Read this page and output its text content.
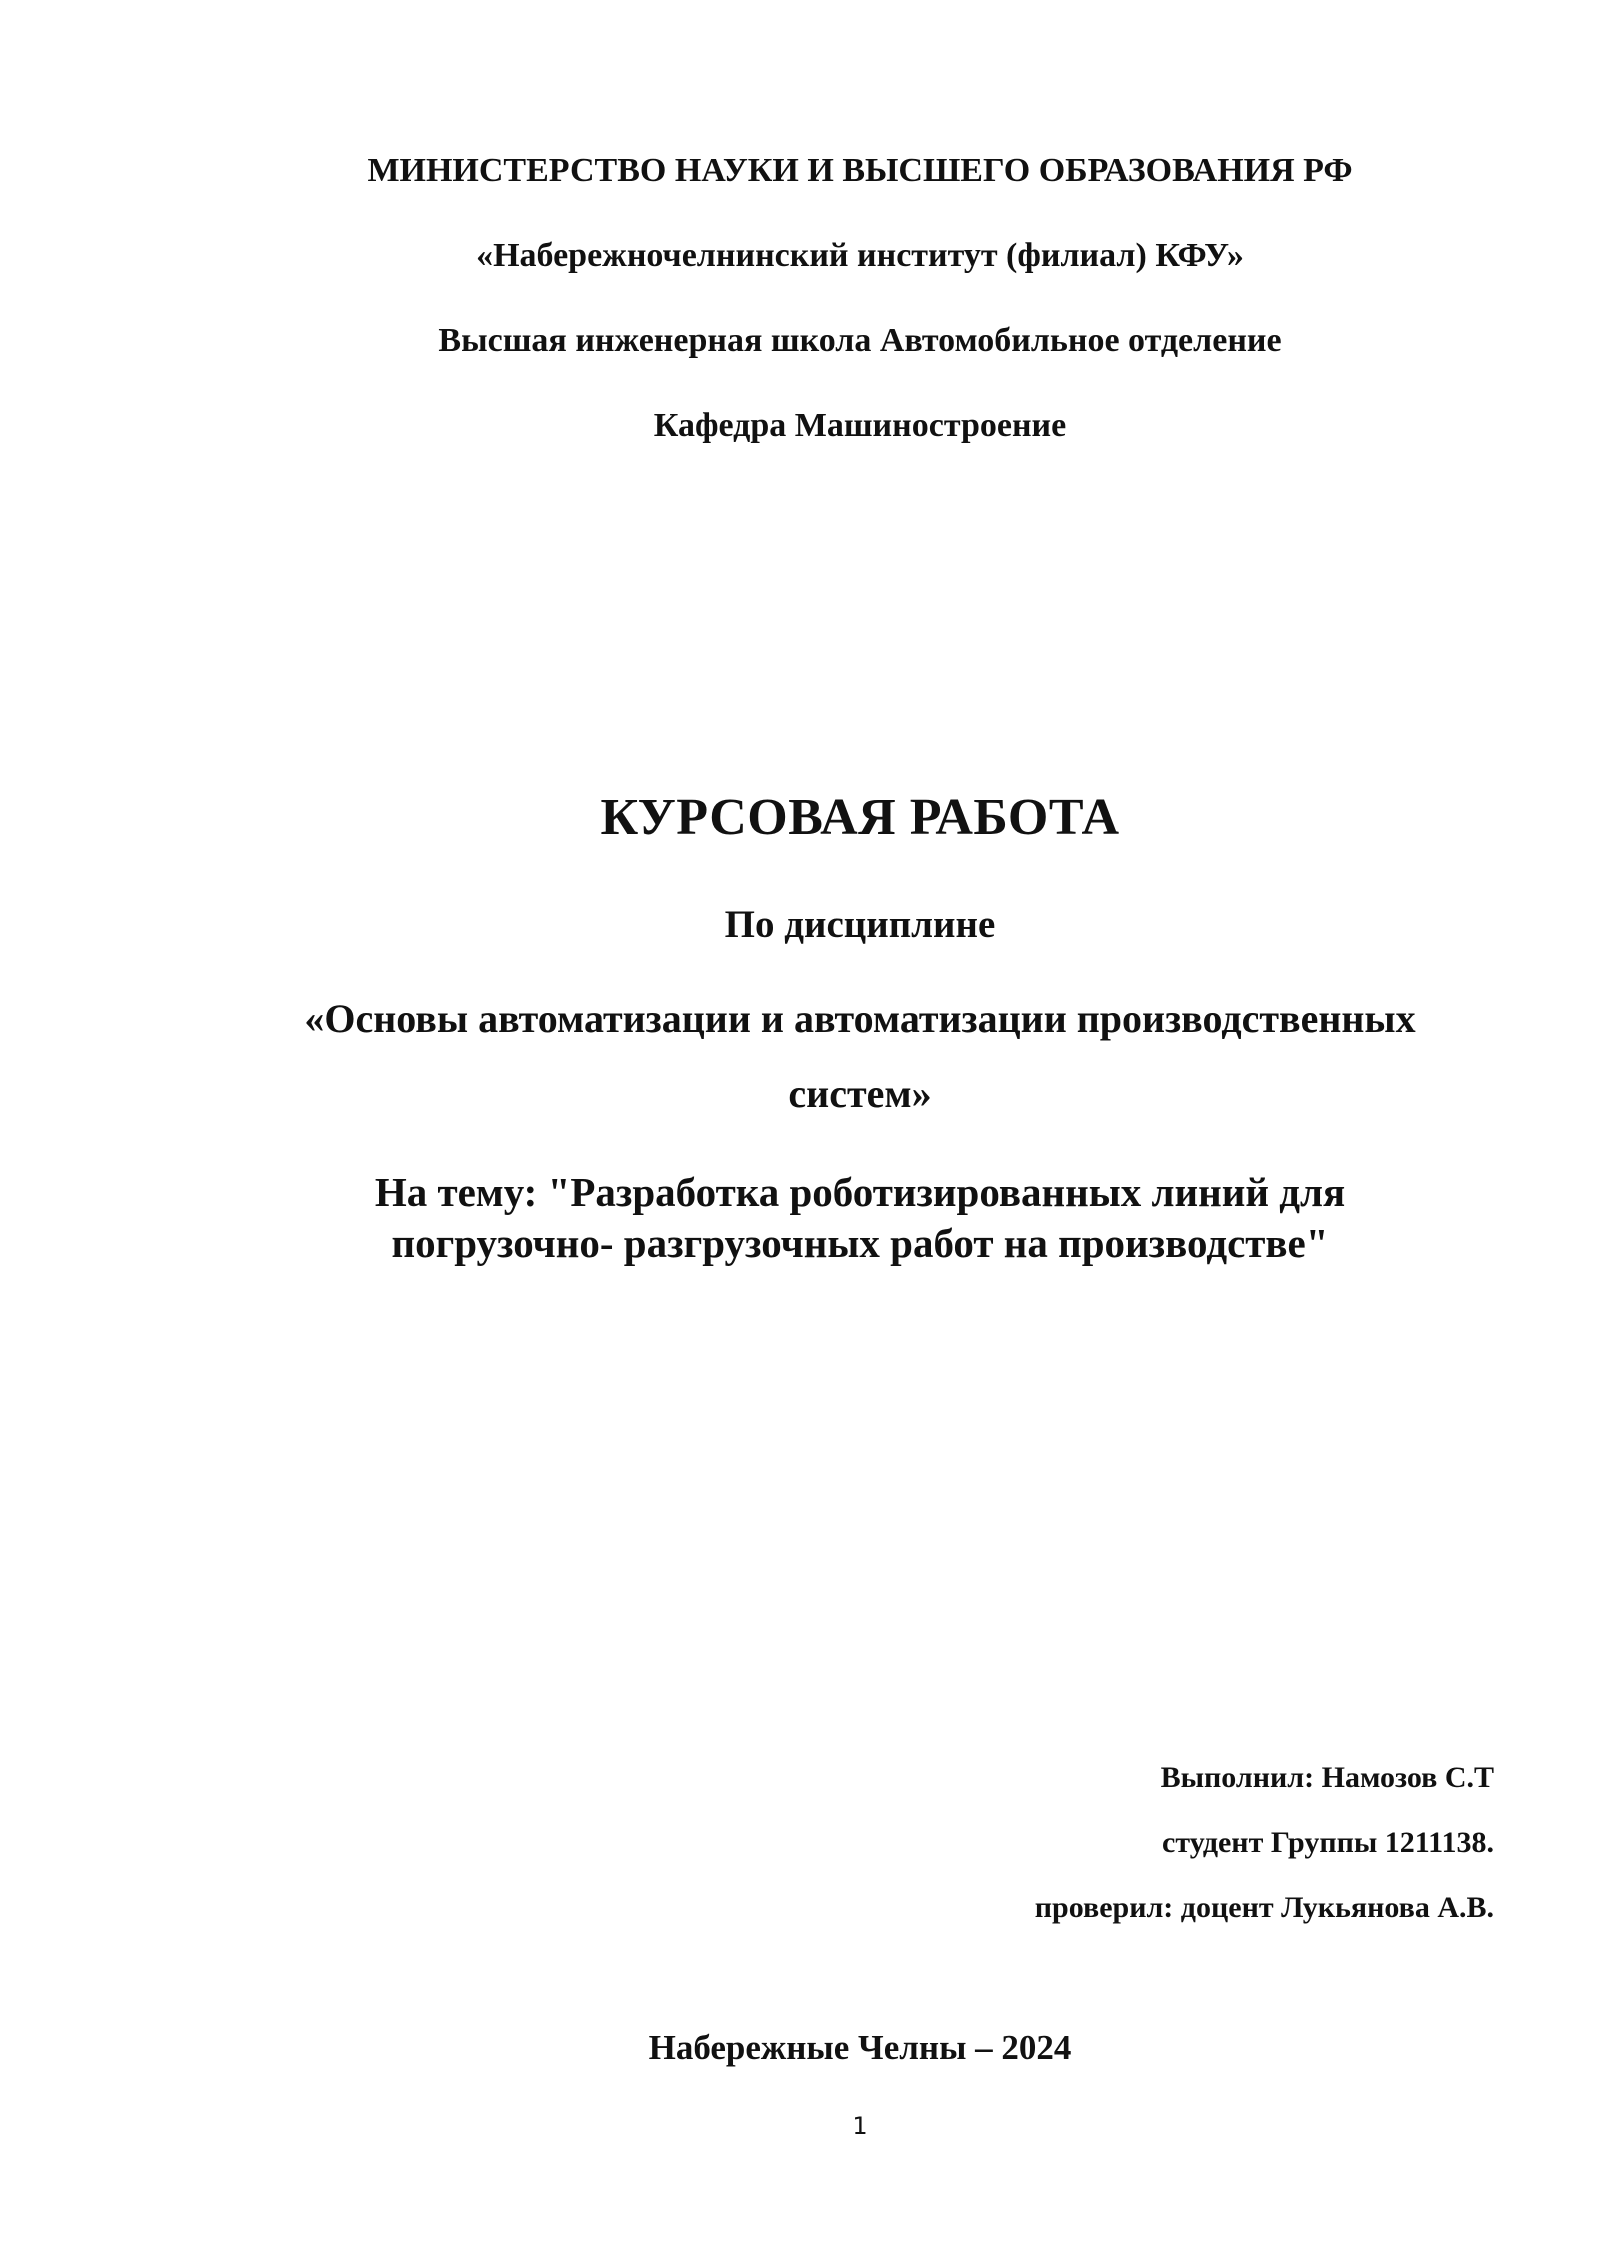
МИНИСТЕРСТВО НАУКИ И ВЫСШЕГО ОБРАЗОВАНИЯ РФ
«Набережночелнинский институт (филиал) КФУ»
Высшая инженерная школа Автомобильное отделение
Кафедра Машиностроение
КУРСОВАЯ РАБОТА
По дисциплине
«Основы автоматизации и автоматизации производственных
систем»
На тему: "Разработка роботизированных линий для
погрузочно- разгрузочных работ на производстве"
Выполнил: Намозов С.Т
студент Группы 1211138.
проверил: доцент Лукьянова А.В.
Набережные Челны – 2024
1
